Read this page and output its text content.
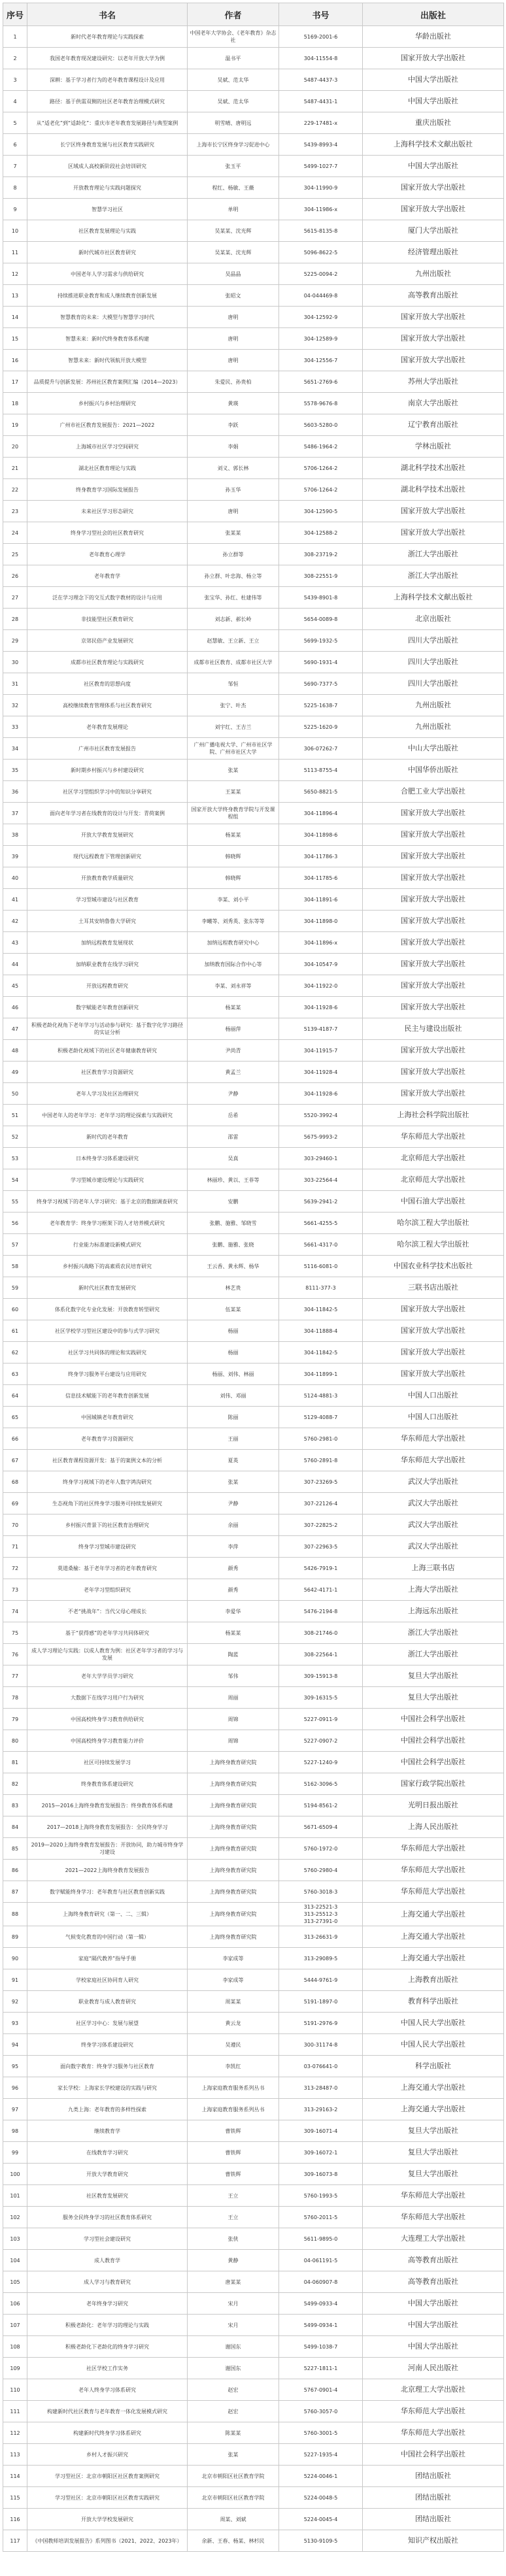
序号	书名	作者	书号	出版社
1	新时代老年教育理论与实践探索	中国老年大学协会、《老年教育》杂志社	5169-2001-6	华龄出版社
2	我国老年教育现况建设研究：以老年开放大学为例	温书平	304-11554-8	国家开放大学出版社
3	深耕：基于学习者行为的老年教育课程设计及应用	吴斌、范太华	5487-4437-3	中国大学出版社
4	路径：基于供需双侧的社区老年教育治理模式研究	吴斌、范太华	5487-4431-1	中国大学出版社
5	从“适老化”到“适龄化”：重庆市老年教育发展路径与典型案例	明雪晴、唐明远	229-17481-x	重庆出版社
6	长宁区终身教育发展与社区教育实践研究	上海市长宁区终身学习促进中心	5439-8993-4	上海科学技术文献出版社
7	区域成人高校新阶段社会培训研究	张玉平	5499-1027-7	中国大学出版社
8	开放教育理论与实践问题探究	程红、杨敏、王薇	304-11990-9	国家开放大学出版社
9	智慧学习社区	单明	304-11986-x	国家开放大学出版社
10	社区教育发展理论与实践	吴某某、沈光辉	5615-8135-8	厦门大学出版社
11	新时代城市社区教育研究	吴某某、沈光辉	5096-8622-5	经济管理出版社
12	中国老年人学习需求与供给研究	吴晶晶	5225-0094-2	九州出版社
13	持续推进职业教育和成人继续教育创新发展	张昭文	04-044469-8	高等教育出版社
14	智慧教育的未来：大模型与智慧学习时代	唐明	304-12592-9	国家开放大学出版社
15	智慧未来：新时代终身教育体系构建	唐明	304-12589-9	国家开放大学出版社
16	智慧未来：新时代领航开放大模型	唐明	304-12556-7	国家开放大学出版社
17	品质提升与创新发展：苏州社区教育案例汇编（2014—2023）	朱爱民、孙贵柏	5651-2769-6	苏州大学出版社
18	乡村振兴与乡村治理研究	黄瑛	5578-9676-8	南京大学出版社
19	广州市社区教育发展报告：2021—2022	李跃	5603-5280-0	辽宁教育出版社
20	上海城市社区学习空间研究	李娟	5486-1964-2	学林出版社
21	湖北社区教育理论与实践	刘义、郭长林	5706-1264-2	湖北科学技术出版社
22	终身教育学习国际发展报告	孙玉华	5706-1264-2	湖北科学技术出版社
23	未来社区学习形态研究	唐明	304-12590-5	国家开放大学出版社
24	终身学习型社会的社区教育研究	张某某	304-12588-2	国家开放大学出版社
25	老年教育心理学	孙立群等	308-23719-2	浙江大学出版社
26	老年教育学	孙立群、叶忠海、杨立等	308-22551-9	浙江大学出版社
27	泛在学习理念下的交互式数字教材的设计与应用	张宝华、孙红、杜建伟等	5439-8901-8	上海科学技术文献出版社
28	非技能型社区教育研究	刘志新、郝长岭	5654-0089-8	北京出版社
29	京郊民俗产业发展研究	赵慧敏、王立新、王立	5699-1932-5	四川大学出版社
30	成都市社区教育理论与实践研究	成都市社区教育、成都市社区大学	5690-1931-4	四川大学出版社
31	社区教育的思想向度	邹恒	5690-7377-5	四川大学出版社
32	高校继续教育管理体系与社区教育研究	张宁、叶杰	5225-1638-7	九州出版社
33	老年教育发展理论	刘宇红、王吉兰	5225-1620-9	九州出版社
34	广州市社区教育发展报告	广州广播电视大学、广州市社区学院、广州市社区大学	306-07262-7	中山大学出版社
35	新时期乡村振兴与乡村建设研究	张某	5113-8755-4	中国华侨出版社
36	社区学习型组织学习中的知识分享研究	王某某	5650-8821-5	合肥工业大学出版社
37	面向老年学习者在线教育的设计与开发：青荷案例	国家开放大学终身教育学院与开发课程组	304-11896-4	国家开放大学出版社
38	开放大学教育发展研究	杨某某	304-11898-6	国家开放大学出版社
39	现代远程教育下管理创新研究	韩晓辉	304-11786-3	国家开放大学出版社
40	开放教育教学质量研究	韩晓辉	304-11785-6	国家开放大学出版社
41	学习型城市建设与社区教育	李某、刘小平	304-11891-6	国家开放大学出版社
42	土耳其安纳鲁鲁大学研究	李曦等、刘秀英、张东等等	304-11898-0	国家开放大学出版社
43	加纳远程教育发展现状	加纳远程教育研究中心	304-11896-x	国家开放大学出版社
44	加纳职业教育在线学习研究	加纳教育国际合作中心等	304-10547-9	国家开放大学出版社
45	开放远程教育研究	李某、刘永祥等	304-11922-0	国家开放大学出版社
46	数字赋能老年教育创新研究	杨某某	304-11928-6	国家开放大学出版社
47	积极老龄化视角下老年学习与活动参与研究：基于数字化学习路径的实证分析	杨丽萍	5139-4187-7	民主与建设出版社
48	积极老龄化视域下的社区老年健康教育研究	尹尚青	304-11915-7	国家开放大学出版社
49	社区教育学习资源研究	黄孟兰	304-11928-4	国家开放大学出版社
50	老年人学习及社区治理研究	尹静	304-11928-6	国家开放大学出版社
51	中国老年人的老年学习：老年学习的理论探索与实践研究	岳希	5520-3992-4	上海社会科学院出版社
52	新时代的老年教育	邵雷	5675-9993-2	华东师范大学出版社
53	日本终身学习体系建设研究	吴真	303-29460-1	北京师范大学出版社
54	学习型城市建设理论与实践研究	林丽珍、黄以、王菲等	303-22564-4	北京师范大学出版社
55	终身学习视域下的老年人学习研究：基于北京的数据调查研究	安鹏	5639-2941-2	中国石油大学出版社
56	老年教育学：终身学习框架下的人才培养模式研究	张鹏、施雅、邹晓雪	5661-4255-5	哈尔滨工程大学出版社
57	行业能力标准建设新模式研究	张鹏、施雅、张晓	5661-4317-0	哈尔滨工程大学出版社
58	乡村振兴战略下的高素质农民培育研究	王云香、黄永辉、杨华	5116-6081-0	中国农业科学技术出版社
59	新时代社区教育发展研究	林艺贵	8111-377-3	三联书店出版社
60	体系化数字化专业化发展：开放教育转型研究	伍某某	304-11842-5	国家开放大学出版社
61	社区学校学习型社区建设中的参与式学习研究	杨丽	304-11888-4	国家开放大学出版社
62	社区学习共同体的理论和实践研究	杨丽	304-11842-5	国家开放大学出版社
63	终身学习服务平台建设与应用研究	杨丽、刘伟、林丽	304-11899-1	国家开放大学出版社
64	信息技术赋能下的老年教育创新发展	刘伟、邓丽	5124-4881-3	中国人口出版社
65	中国城镇老年教育研究	陈丽	5129-4088-7	中国人口出版社
66	老年教育学习资源研究	王丽	5760-2981-0	华东师范大学出版社
67	社区教育课程资源开发：基于的案例文本的分析	夏英	5760-2891-8	华东师范大学出版社
68	终身学习视域下的老年人数字鸿沟研究	张某	307-23269-5	武汉大学出版社
69	生态视角下的社区终身学习服务可持续发展研究	尹静	307-22126-4	武汉大学出版社
70	乡村振兴背景下的社区教育治理研究	余丽	307-22825-2	武汉大学出版社
71	终身学习型城市建设研究	李萍	307-22963-5	武汉大学出版社
72	莫道桑榆：基于老年学习者的老年教育研究	颜秀	5426-7919-1	上海三联书店
73	老年学习型组织研究	颜秀	5642-4171-1	上海大学出版社
74	不老“挑战年”：当代父母心理成长	李爱华	5476-2194-8	上海远东出版社
75	基于“获得感”的老年学习共同体研究	杨某某	308-21746-0	浙江大学出版社
76	成人学习理论与实践：以成人教育为例：社区老年学习者的学习与发展	陶蓝	308-22564-1	浙江大学出版社
77	老年大学学员学习研究	邹伟	309-15913-8	复旦大学出版社
78	大数据下在线学习用户行为研究	周丽	309-16315-5	复旦大学出版社
79	中国高校终身学习教育供给研究	周锦	5227-0911-9	中国社会科学出版社
80	中国高校终身学习教育能力评价	周锦	5227-0907-2	中国社会科学出版社
81	社区可持续发展学习	上海终身教育研究院	5227-1240-9	中国社会科学出版社
82	终身教育体系建设研究	上海终身教育研究院	5162-3096-5	国家行政学院出版社
83	2015—2016上海终身教育发展报告：终身教育体系构建	上海终身教育研究院	5194-8561-2	光明日报出版社
84	2017—2018上海终身教育发展报告：全民终身学习	上海终身教育研究院	5671-6509-4	上海人民出版社
85	2019—2020上海终身教育发展报告：开放协同，助力城市终身学习建设	上海终身教育研究院	5760-1972-0	华东师范大学出版社
86	2021—2022上海终身教育发展报告	上海终身教育研究院	5760-2980-4	华东师范大学出版社
87	数字赋能终身学习：老年教育与社区教育创新实践	上海终身教育研究院	5760-3018-3	华东师范大学出版社
88	上海终身教育研究（第一、二、三辑）	上海终身教育研究院	313-22521-3
313-25512-3
313-27391-0	上海交通大学出版社
89	气候变化教育的中国行动（第一辑）	上海终身教育研究院	313-26631-9	上海交通大学出版社
90	家庭“隔代教养”指导手册	李家成等	313-29089-5	上海交通大学出版社
91	学校家庭社区协同育人研究	李家成等	5444-9761-9	上海教育出版社
92	职业教育与成人教育研究	周某某	5191-1897-0	教育科学出版社
93	社区学习中心：发展与展望	黄云龙	5191-2976-9	中国人民大学出版社
94	终身学习体系建设研究	吴遵民	300-31174-8	中国人民大学出版社
95	面向数字教育：终身学习服务与社区教育	李凯红	03-076641-0	科学出版社
96	家长学校：上海家长学校建设的实践与研究	上海家庭教育服务系列丛书	313-28487-0	上海交通大学出版社
97	九类上海：老年教育的多样性探索	上海家庭教育服务系列丛书	313-29163-2	上海交通大学出版社
98	继续教育学	曹铁辉	309-16071-4	复旦大学出版社
99	在线教育学习研究	曹铁辉	309-16072-1	复旦大学出版社
100	开放大学教育研究	曹铁辉	309-16073-8	复旦大学出版社
101	社区教育发展研究	王立	5760-1993-5	华东师范大学出版社
102	服务全民终身学习的社区教育体系研究	王立	5760-2011-5	华东师范大学出版社
103	学习型社会建设研究	张侠	5611-9895-0	大连理工大学出版社
104	成人教育学	黄静	04-061191-5	高等教育出版社
105	成人学习与教育研究	唐某某	04-060907-8	高等教育出版社
106	老年终身学习研究	宋月	5499-0933-4	中国大学出版社
107	积极老龄化：老年学习的理论与实践	宋月	5499-0934-1	中国大学出版社
108	积极老龄化下老龄化的终身学习研究	谢国东	5499-1038-7	中国大学出版社
109	社区学校工作实务	谢国东	5227-1811-1	河南人民出版社
110	老年人终身学习体系研究	赵宏	5767-0901-4	北京理工大学出版社
111	构建新时代社区教育与老年教育一体化发展模式研究	赵宏	5760-3057-0	华东师范大学出版社
112	构建新时代终身学习体系研究	陈某某	5760-3001-5	华东师范大学出版社
113	乡村人才振兴研究	张某	5227-1935-4	中国社会科学出版社
114	学习型社区：北京市朝阳区社区教育案例研究	北京市朝阳区社区教育学院	5224-0046-1	团结出版社
115	学习型社区：北京市朝阳区社区教育实践研究	北京市朝阳区社区教育学院	5224-0048-5	团结出版社
116	开放大学学校发展研究	周某、刘斌	5224-0045-4	团结出版社
117	《中国教师培训发展报告》系列图书（2021、2022、2023年）	余新、王春、杨某、林杉民	5130-9109-5	知识产权出版社
